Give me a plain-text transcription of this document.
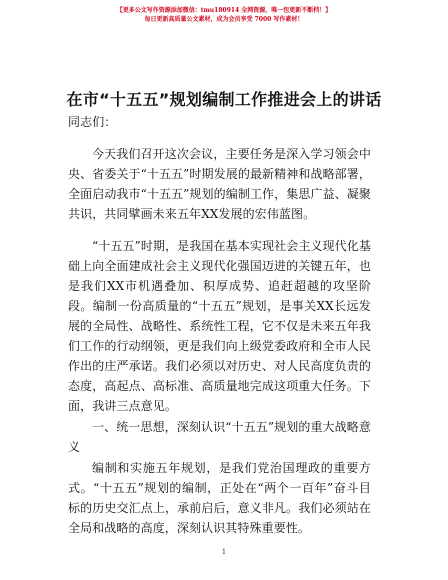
【更多公文写作资源添加微信：tmu180914 全网资源，唯一包更新不断档！】
每日更新高质量公文素材，成为会员享受 7000 写作素材！
在市“十五五”规划编制工作推进会上的讲话

同志们：

今天我们召开这次会议，主要任务是深入学习领会中央、省委关于“十五五”时期发展的最新精神和战略部署，全面启动我市“十五五”规划的编制工作，集思广益、凝聚共识，共同擘画未来五年XX发展的宏伟蓝图。

“十五五”时期，是我国在基本实现社会主义现代化基础上向全面建成社会主义现代化强国迈进的关键五年，也是我们XX市机遇叠加、积厚成势、追赶超越的攻坚阶段。编制一份高质量的“十五五”规划，是事关XX长远发展的全局性、战略性、系统性工程，它不仅是未来五年我们工作的行动纲领，更是我们向上级党委政府和全市人民作出的庄严承诺。我们必须以对历史、对人民高度负责的态度，高起点、高标准、高质量地完成这项重大任务。下面，我讲三点意见。

一、统一思想，深刻认识“十五五”规划的重大战略意义

编制和实施五年规划，是我们党治国理政的重要方式。“十五五”规划的编制，正处在“两个一百年”奋斗目标的历史交汇点上，承前启后，意义非凡。我们必须站在全局和战略的高度，深刻认识其特殊重要性。

1
